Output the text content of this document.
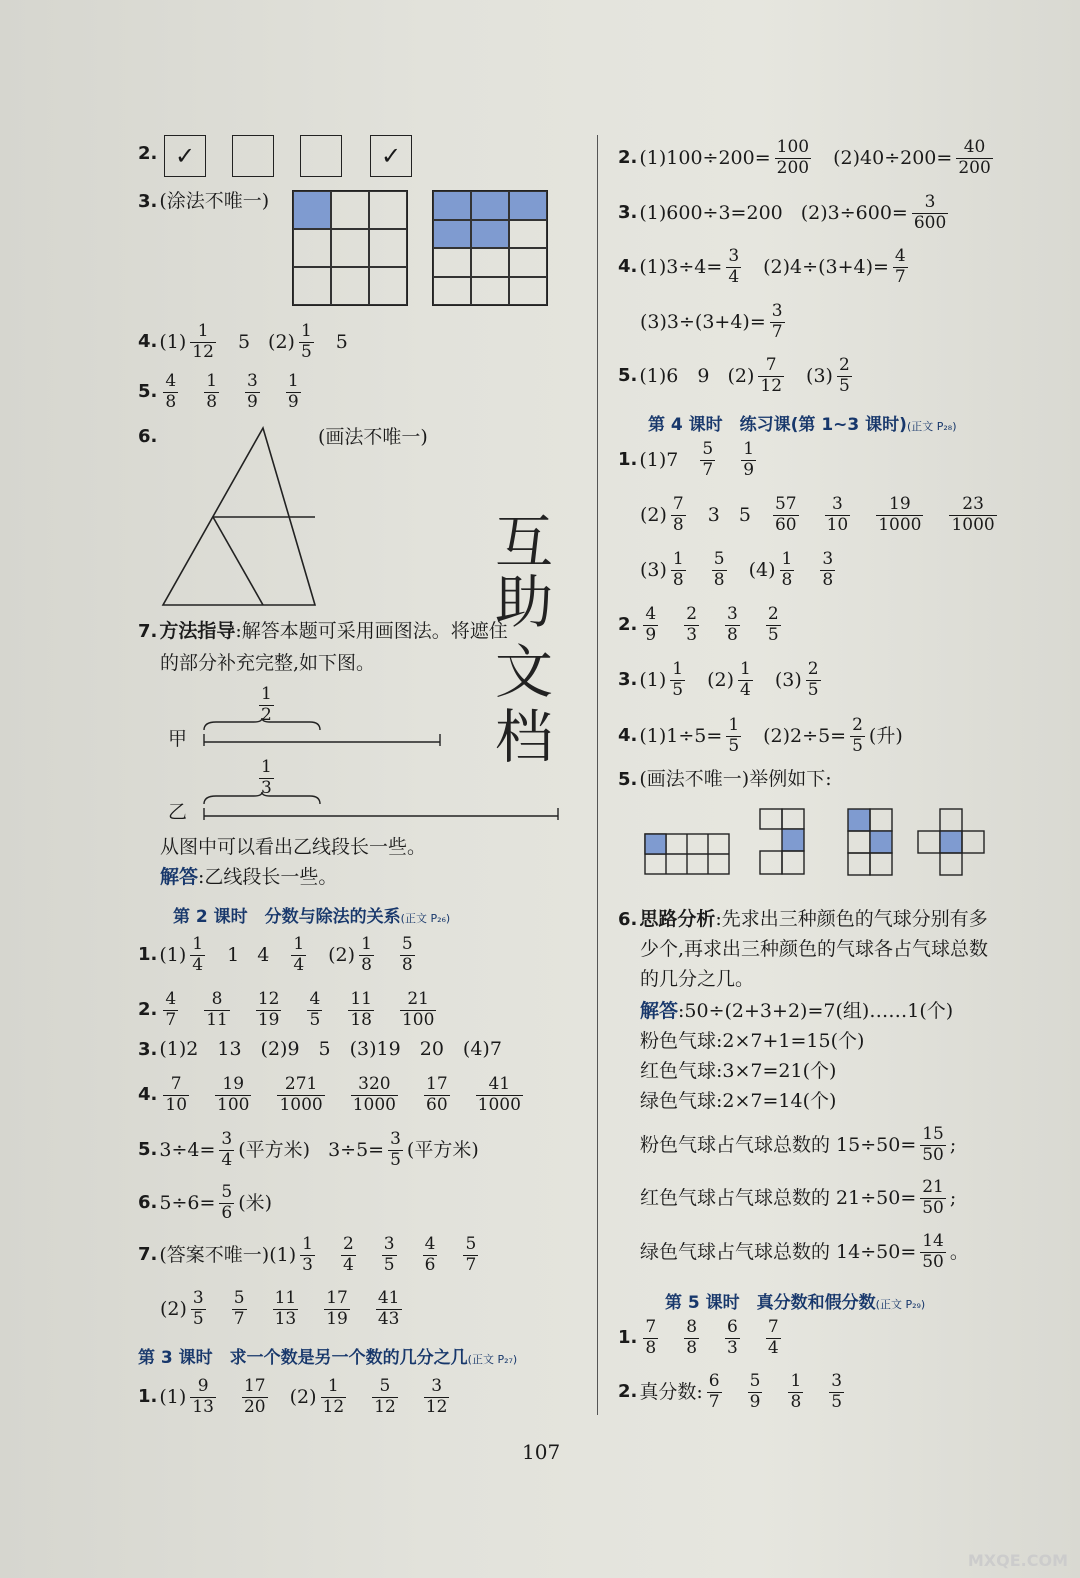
2. ✓	✓
3. (涂法不唯一)
4. $(1) \frac{1}{12} 5$ $(2) \frac{1}{5} 5$
5. $\frac{4}{8} \frac{1}{8} \frac{3}{9} \frac{1}{9}$
6.	(画法不唯一)
7. 方法指导 :解答本题可采用画图法。将遮住
的部分补充完整,如下图。
$\frac{1}{2}$
甲
$\frac{1}{3}$
乙
从图中可以看出乙线段长一些。
解答 :乙线段长一些。
第 2 课时　分数与除法的关系(正文 P₂₆)
1. $(1) \frac{1}{4} 1$ $4 \frac{1}{4} (2) \frac{1}{8} \frac{5}{8}$
2. $\frac{4}{7} \frac{8}{11} \frac{12}{19} \frac{4}{5} \frac{11}{18} \frac{21}{100}$
3. (1)2　13　(2)9　5　(3)19　20　(4)7
4. $\frac{7}{10} \frac{19}{100} \frac{271}{1000} \frac{320}{1000} \frac{17}{60} \frac{41}{1000}$
5. $3\div 4= \frac{3}{4}$ (平方米) $3\div 5= \frac{3}{5}$ (平方米)
6. $5\div 6= \frac{5}{6}$ (米)
7. (答案不唯一)$(1) \frac{1}{3} \frac{2}{4} \frac{3}{5} \frac{4}{6} \frac{5}{7}$
$(2) \frac{3}{5} \frac{5}{7} \frac{11}{13} \frac{17}{19} \frac{41}{43}$
第 3 课时　求一个数是另一个数的几分之几(正文 P₂₇)
1. $(1) \frac{9}{13} \frac{17}{20} (2) \frac{1}{12} \frac{5}{12} \frac{3}{12}$
互
助
文
档
2. $(1)100\div 200= \frac{100}{200} (2)40\div 200= \frac{40}{200}$
3. (1)600÷3=200 $(2)3\div 600= \frac{3}{600}$
4. $(1)3\div 4= \frac{3}{4} (2)4\div(3+4)= \frac{4}{7}$
$(3)3\div(3+4)= \frac{3}{7}$
5. (1)6　9 $(2) \frac{7}{12} (3) \frac{2}{5}$
第 4 课时　练习课(第 1~3 课时)(正文 P₂₈)
1. $(1)7 \frac{5}{7} \frac{1}{9}$
$(2) \frac{7}{8} 3$　$5 \frac{57}{60} \frac{3}{10} \frac{19}{1000} \frac{23}{1000}$
$(3) \frac{1}{8} \frac{5}{8} (4) \frac{1}{8} \frac{3}{8}$
2. $\frac{4}{9} \frac{2}{3} \frac{3}{8} \frac{2}{5}$
3. $(1) \frac{1}{5} (2) \frac{1}{4} (3) \frac{2}{5}$
4. $(1)1\div 5= \frac{1}{5} (2)2\div 5= \frac{2}{5}$ (升)
5. (画法不唯一)举例如下:
6. 思路分析 :先求出三种颜色的气球分别有多
少个,再求出三种颜色的气球各占气球总数
的几分之几。
解答 :50÷(2+3+2)=7(组)……1(个)
粉色气球:2×7+1=15(个)
红色气球:3×7=21(个)
绿色气球:2×7=14(个)
粉色气球占气球总数的 $15\div 50= \frac{15}{50}$ ;
红色气球占气球总数的 $21\div 50= \frac{21}{50}$ ;
绿色气球占气球总数的 $14\div 50= \frac{14}{50}$ 。
第 5 课时　真分数和假分数(正文 P₂₉)
1. $\frac{7}{8} \frac{8}{8} \frac{6}{3} \frac{7}{4}$
2. 真分数: $\frac{6}{7} \frac{5}{9} \frac{1}{8} \frac{3}{5}$
107
MXQE.COM
